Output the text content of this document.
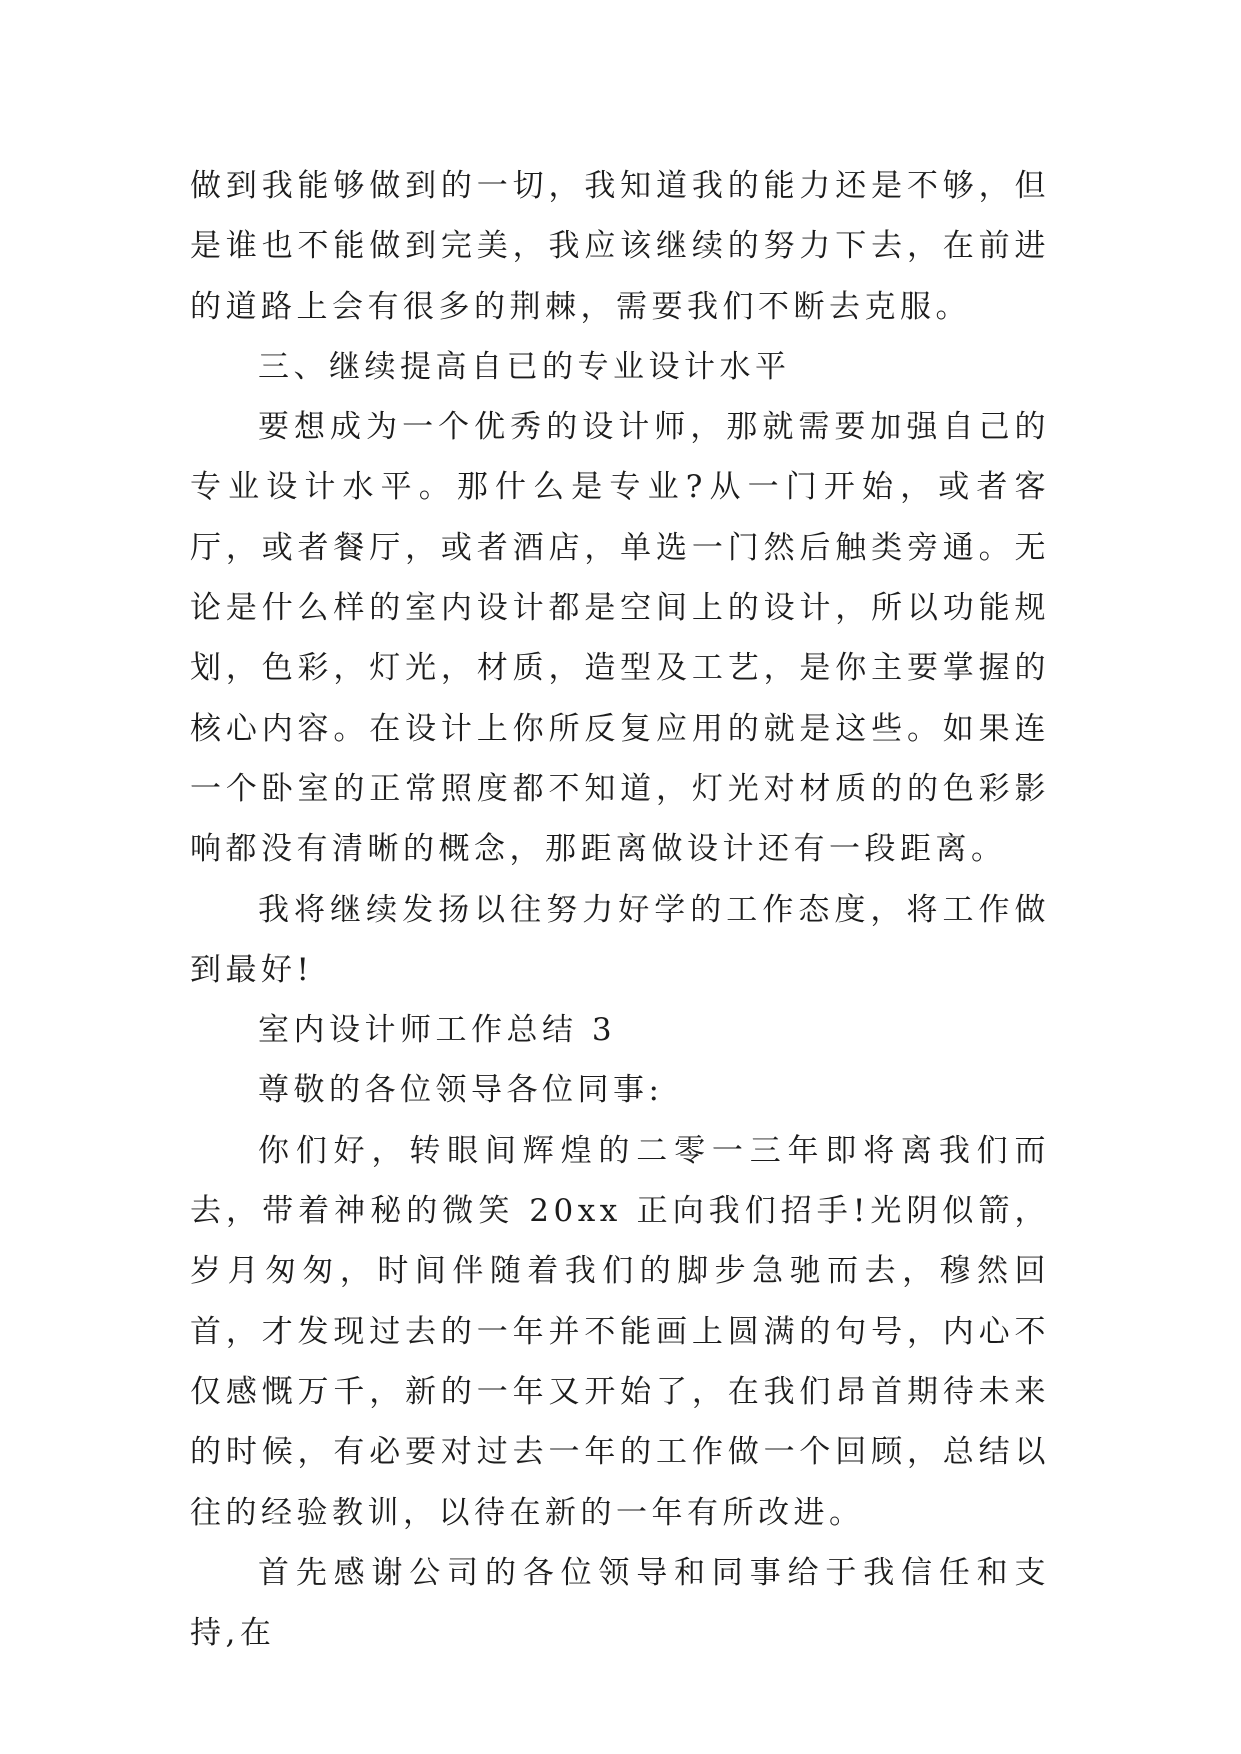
做到我能够做到的一切，我知道我的能力还是不够，但是谁也不能做到完美，我应该继续的努力下去，在前进的道路上会有很多的荆棘，需要我们不断去克服。

三、继续提高自已的专业设计水平

要想成为一个优秀的设计师，那就需要加强自己的专业设计水平。那什么是专业?从一门开始，或者客厅，或者餐厅，或者酒店，单选一门然后触类旁通。无论是什么样的室内设计都是空间上的设计，所以功能规划，色彩，灯光，材质，造型及工艺，是你主要掌握的核心内容。在设计上你所反复应用的就是这些。如果连一个卧室的正常照度都不知道，灯光对材质的的色彩影响都没有清晰的概念，那距离做设计还有一段距离。

我将继续发扬以往努力好学的工作态度，将工作做到最好!

室内设计师工作总结 3

尊敬的各位领导各位同事:

你们好，转眼间辉煌的二零一三年即将离我们而去，带着神秘的微笑 20xx 正向我们招手!光阴似箭，岁月匆匆，时间伴随着我们的脚步急驰而去，穆然回首，才发现过去的一年并不能画上圆满的句号，内心不仅感慨万千，新的一年又开始了，在我们昂首期待未来的时候，有必要对过去一年的工作做一个回顾，总结以往的经验教训，以待在新的一年有所改进。

首先感谢公司的各位领导和同事给于我信任和支持,在
